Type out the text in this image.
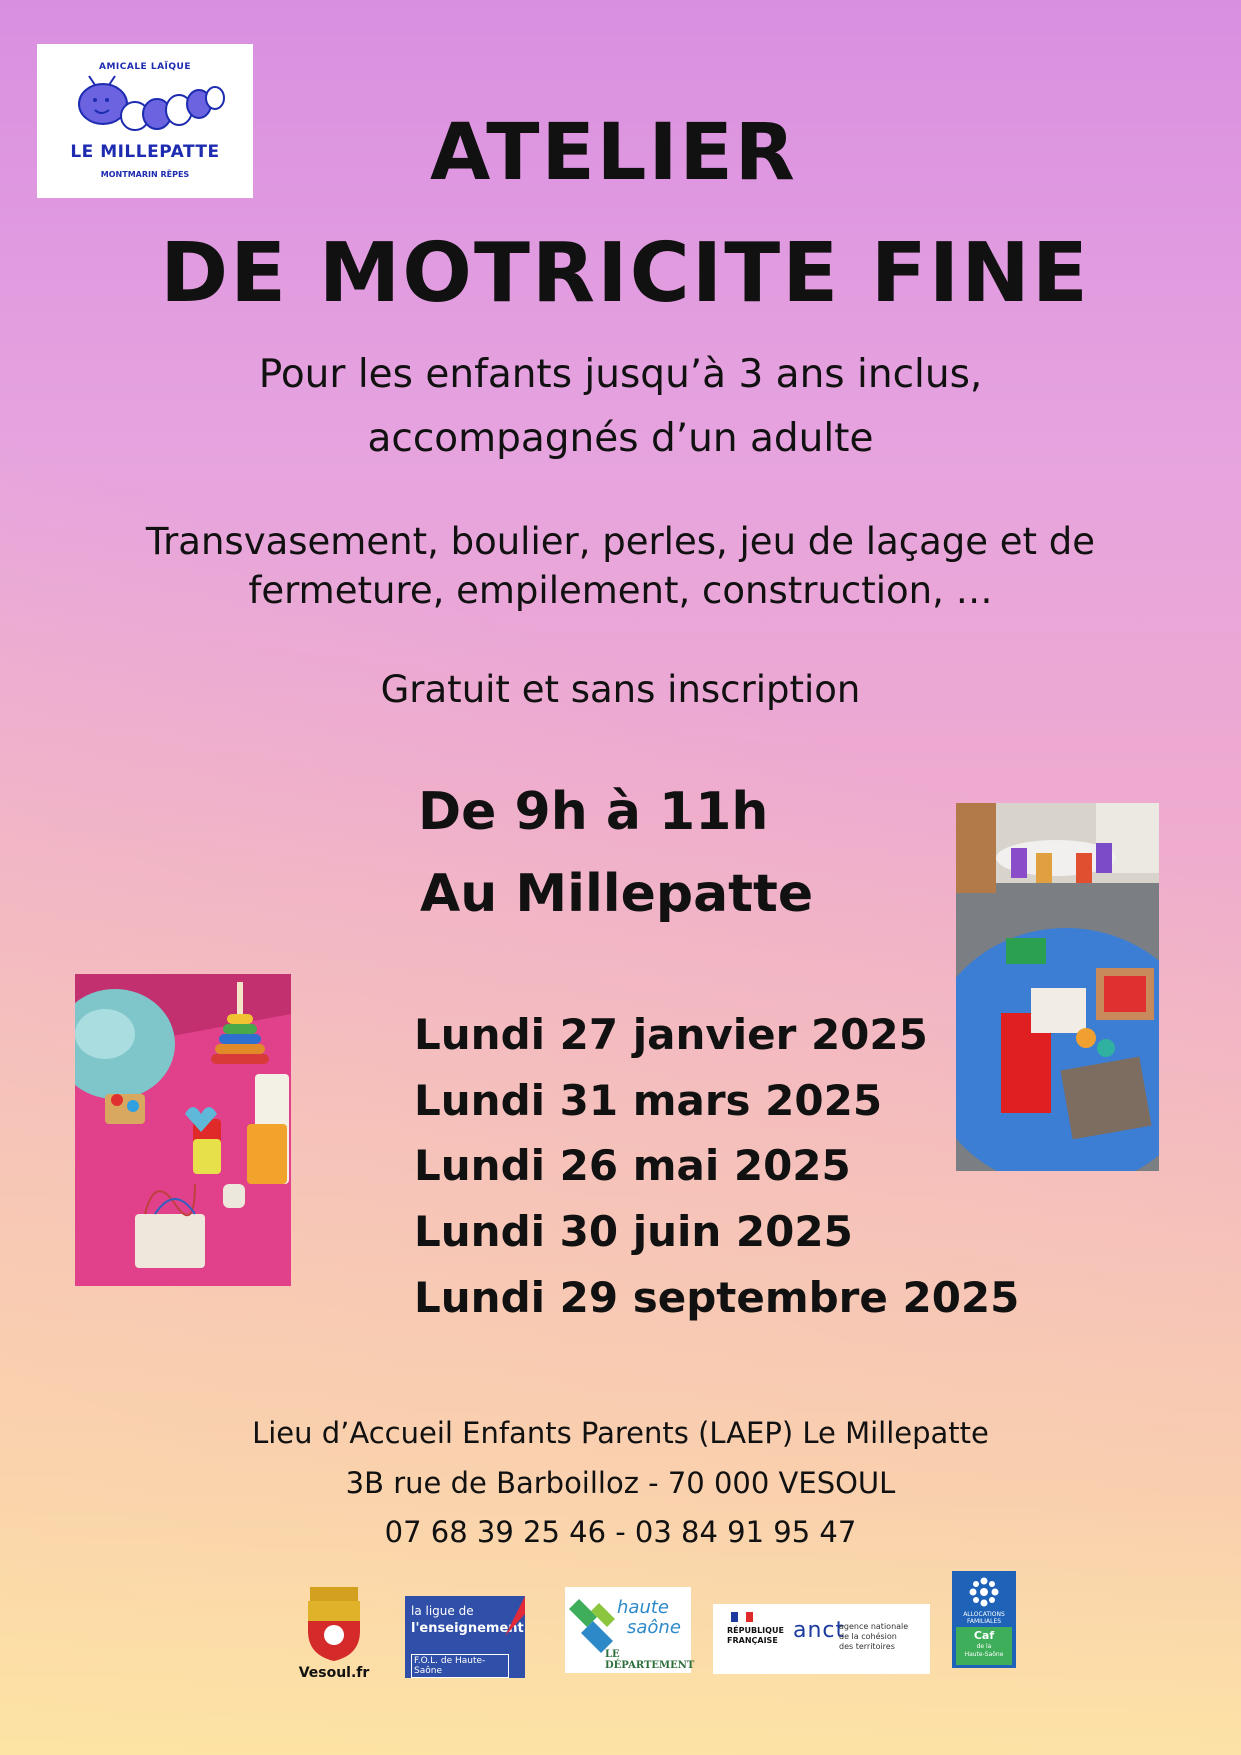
AMICALE LAÏQUE
LE MILLEPATTE
MONTMARIN RÊPES	ATELIER
DE MOTRICITE FINE
Pour les enfants jusqu’à 3 ans inclus,
accompagnés d’un adulte
Transvasement, boulier, perles, jeu de laçage et de
fermeture, empilement, construction, …
Gratuit et sans inscription
De 9h à 11h
Au Millepatte
Lundi 27 janvier 2025
Lundi 31 mars 2025
Lundi 26 mai 2025
Lundi 30 juin 2025
Lundi 29 septembre 2025
Lieu d’Accueil Enfants Parents (LAEP) Le Millepatte
3B rue de Barboilloz - 70 000 VESOUL
07 68 39 25 46 - 03 84 91 95 47
Vesoul.fr
la ligue de
l'enseignement
F.O.L. de Haute-Saône
haute
saône
LE DÉPARTEMENT
RÉPUBLIQUE
FRANÇAISE anct
agence nationale
de la cohésion
des territoires
ALLOCATIONS
FAMILIALES
Caf
de la
Haute-Saône
